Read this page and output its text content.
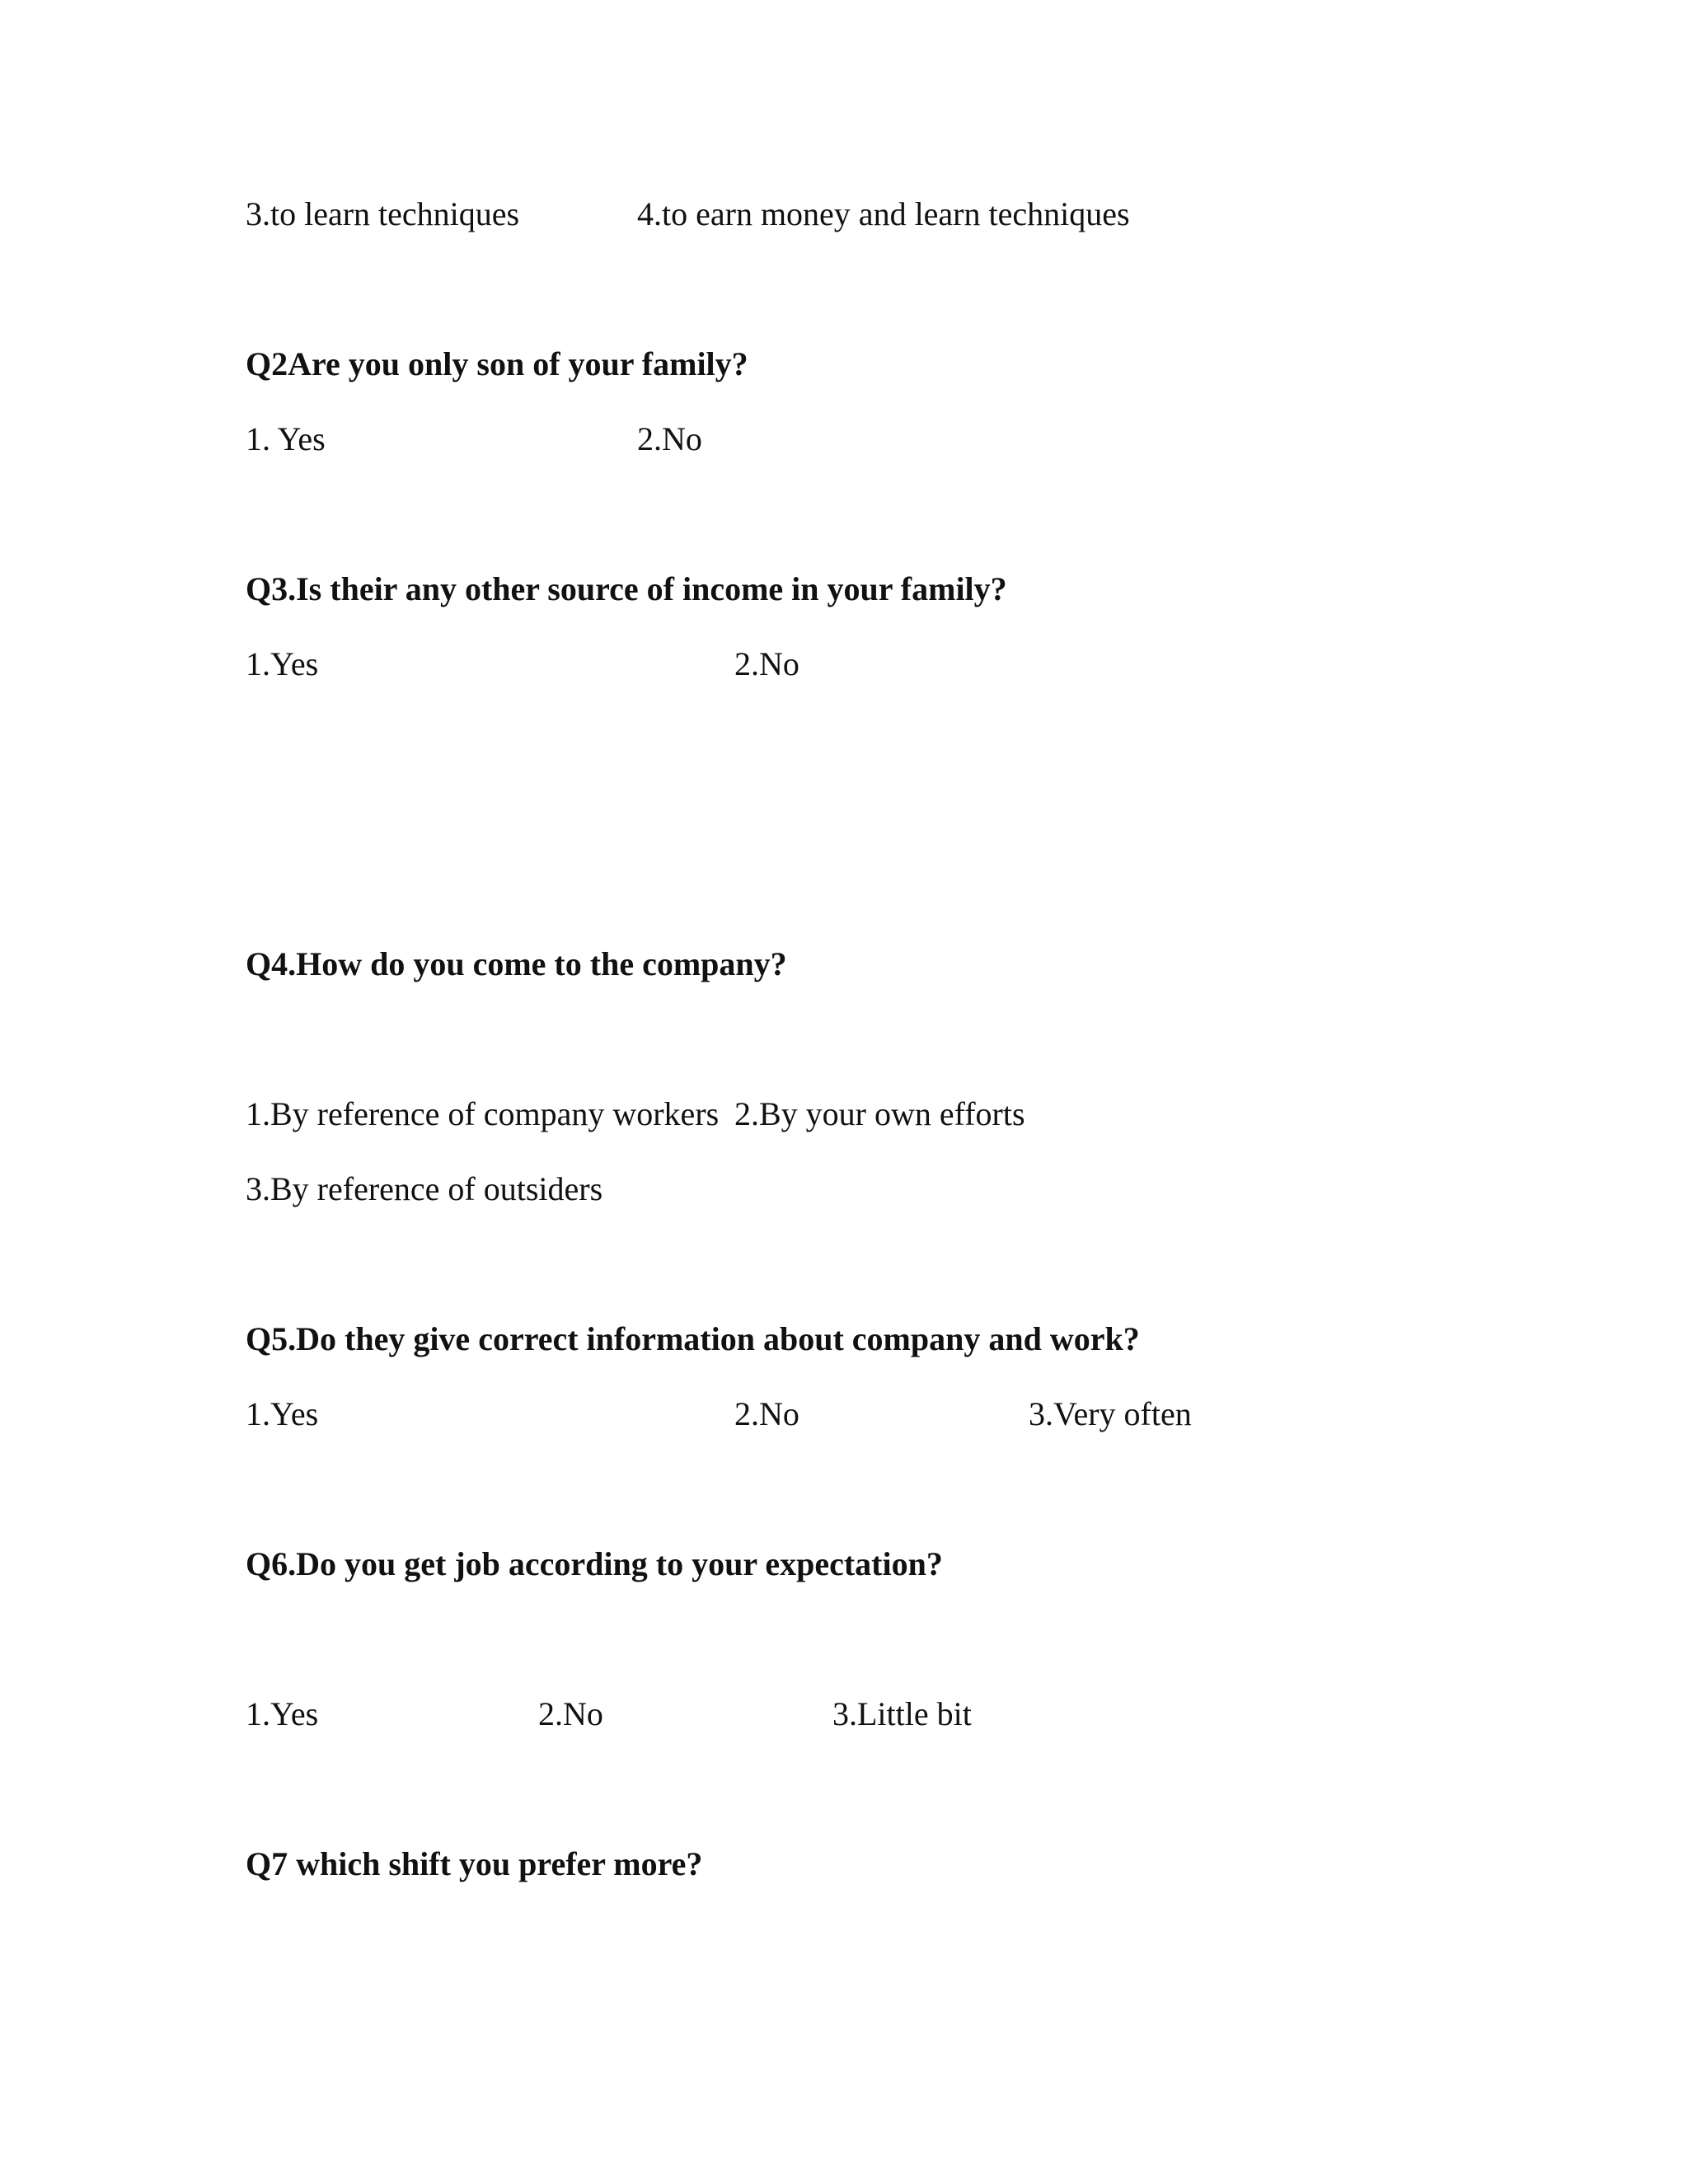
3.to learn techniques	4.to earn money and learn techniques
Q2Are you only son of your family?
1. Yes	2.No
Q3.Is their any other source of income in your family?
1.Yes	2.No
Q4.How do you come to the company?
1.By reference of company workers 2.By your own efforts
3.By reference of outsiders
Q5.Do they give correct information about company and work?
1.Yes	2.No	3.Very often
Q6.Do you get job according to your expectation?
1.Yes	2.No	3.Little bit
Q7 which shift you prefer more?
